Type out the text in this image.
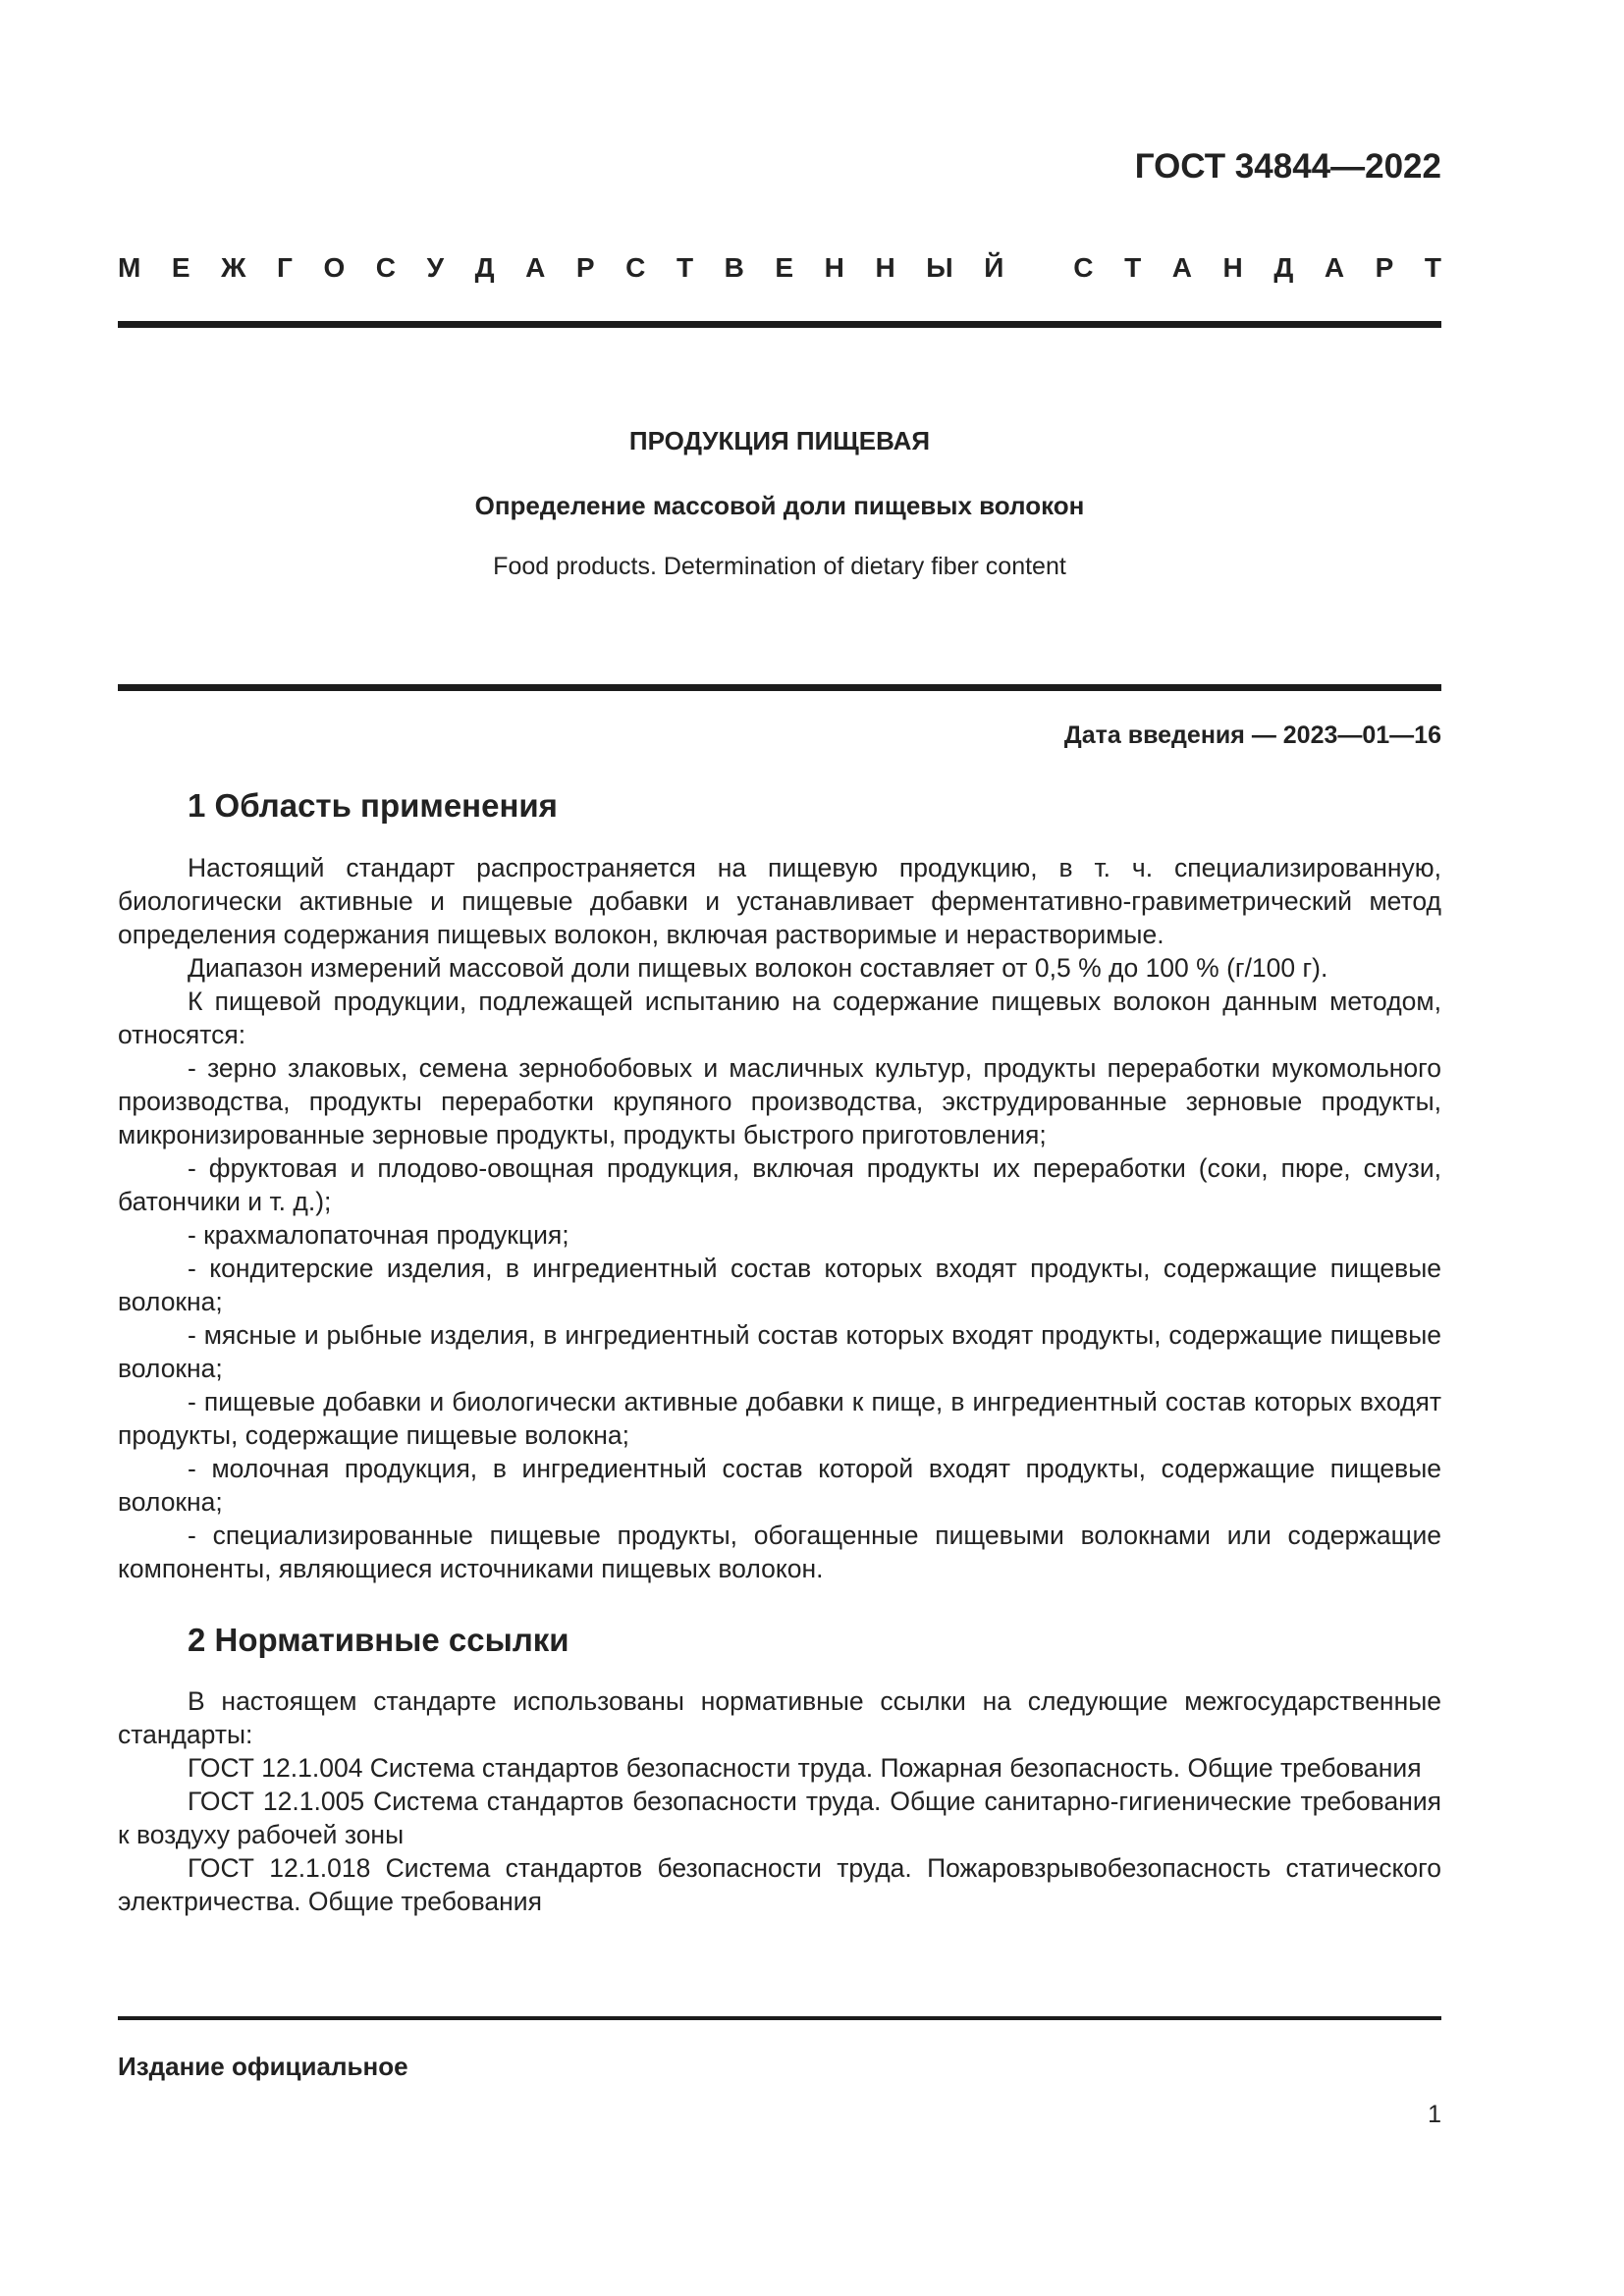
ГОСТ 34844—2022
М Е Ж Г О С У Д А Р С Т В Е Н Н Ы Й	С Т А Н Д А Р Т
ПРОДУКЦИЯ ПИЩЕВАЯ
Определение массовой доли пищевых волокон
Food products. Determination of dietary fiber content
Дата введения — 2023—01—16
1 Область применения

Настоящий стандарт распространяется на пищевую продукцию, в т. ч. специализированную, биологически активные и пищевые добавки и устанавливает ферментативно-гравиметрический метод определения содержания пищевых волокон, включая растворимые и нерастворимые.

Диапазон измерений массовой доли пищевых волокон составляет от 0,5 % до 100 % (г/100 г).

К пищевой продукции, подлежащей испытанию на содержание пищевых волокон данным методом, относятся:

- зерно злаковых, семена зернобобовых и масличных культур, продукты переработки мукомольного производства, продукты переработки крупяного производства, экструдированные зерновые продукты, микронизированные зерновые продукты, продукты быстрого приготовления;

- фруктовая и плодово-овощная продукция, включая продукты их переработки (соки, пюре, смузи, батончики и т. д.);

- крахмалопаточная продукция;

- кондитерские изделия, в ингредиентный состав которых входят продукты, содержащие пищевые волокна;

- мясные и рыбные изделия, в ингредиентный состав которых входят продукты, содержащие пищевые волокна;

- пищевые добавки и биологически активные добавки к пище, в ингредиентный состав которых входят продукты, содержащие пищевые волокна;

- молочная продукция, в ингредиентный состав которой входят продукты, содержащие пищевые волокна;

- специализированные пищевые продукты, обогащенные пищевыми волокнами или содержащие компоненты, являющиеся источниками пищевых волокон.

2 Нормативные ссылки

В настоящем стандарте использованы нормативные ссылки на следующие межгосударственные стандарты:

ГОСТ 12.1.004 Система стандартов безопасности труда. Пожарная безопасность. Общие требования

ГОСТ 12.1.005 Система стандартов безопасности труда. Общие санитарно-гигиенические требования к воздуху рабочей зоны

ГОСТ 12.1.018 Система стандартов безопасности труда. Пожаровзрывобезопасность статического электричества. Общие требования

Издание официальное
1
